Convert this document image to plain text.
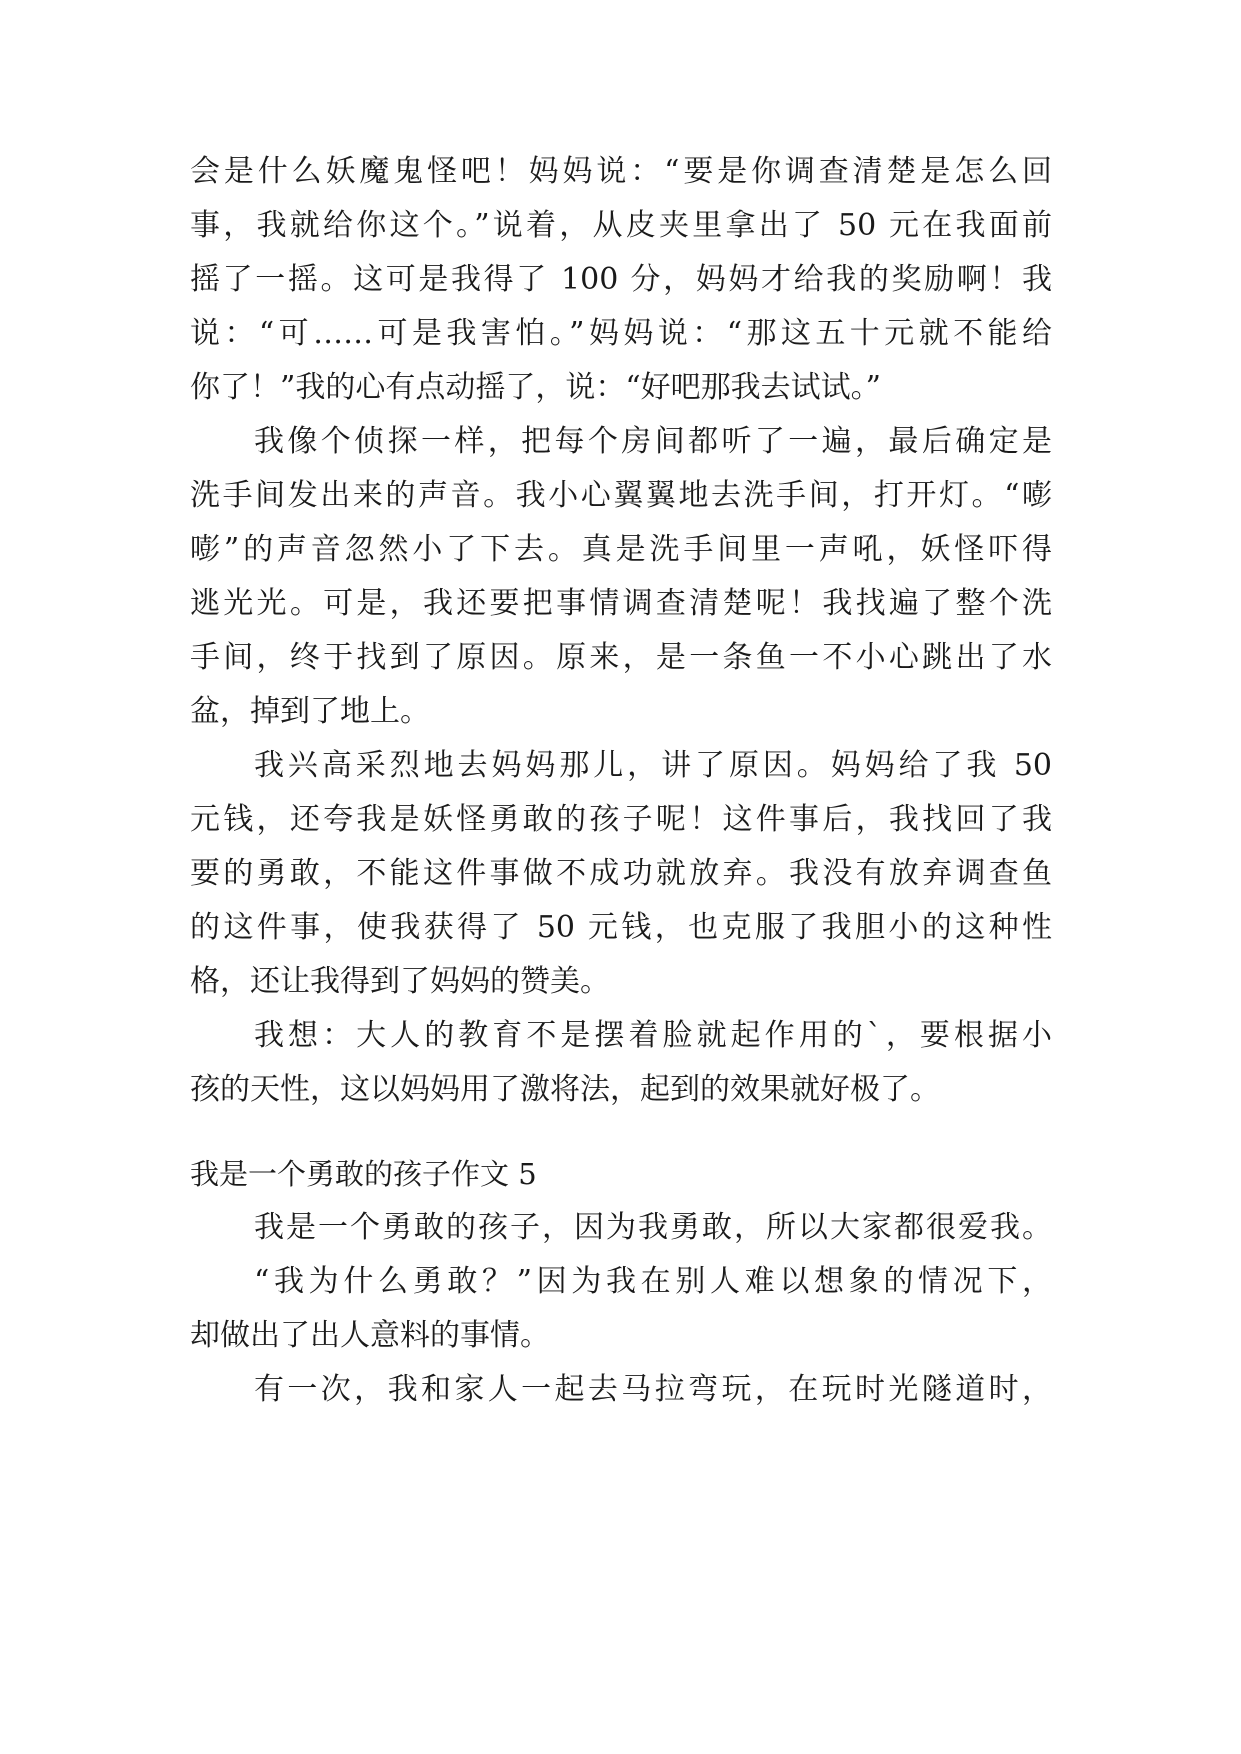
会是什么妖魔鬼怪吧！妈妈说：“要是你调查清楚是怎么回
事，我就给你这个。”说着，从皮夹里拿出了 50 元在我面前
摇了一摇。这可是我得了 100 分，妈妈才给我的奖励啊！我
说：“可……可是我害怕。”妈妈说：“那这五十元就不能给
你了！”我的心有点动摇了，说：“好吧那我去试试。”
我像个侦探一样，把每个房间都听了一遍，最后确定是
洗手间发出来的声音。我小心翼翼地去洗手间，打开灯。“嘭
嘭”的声音忽然小了下去。真是洗手间里一声吼，妖怪吓得
逃光光。可是，我还要把事情调查清楚呢！我找遍了整个洗
手间，终于找到了原因。原来，是一条鱼一不小心跳出了水
盆，掉到了地上。
我兴高采烈地去妈妈那儿，讲了原因。妈妈给了我 50
元钱，还夸我是妖怪勇敢的孩子呢！这件事后，我找回了我
要的勇敢，不能这件事做不成功就放弃。我没有放弃调查鱼
的这件事，使我获得了 50 元钱，也克服了我胆小的这种性
格，还让我得到了妈妈的赞美。
我想：大人的教育不是摆着脸就起作用的`，要根据小
孩的天性，这以妈妈用了激将法，起到的效果就好极了。
我是一个勇敢的孩子作文 5
我是一个勇敢的孩子，因为我勇敢，所以大家都很爱我。
“我为什么勇敢？”因为我在别人难以想象的情况下，
却做出了出人意料的事情。
有一次，我和家人一起去马拉弯玩，在玩时光隧道时，
